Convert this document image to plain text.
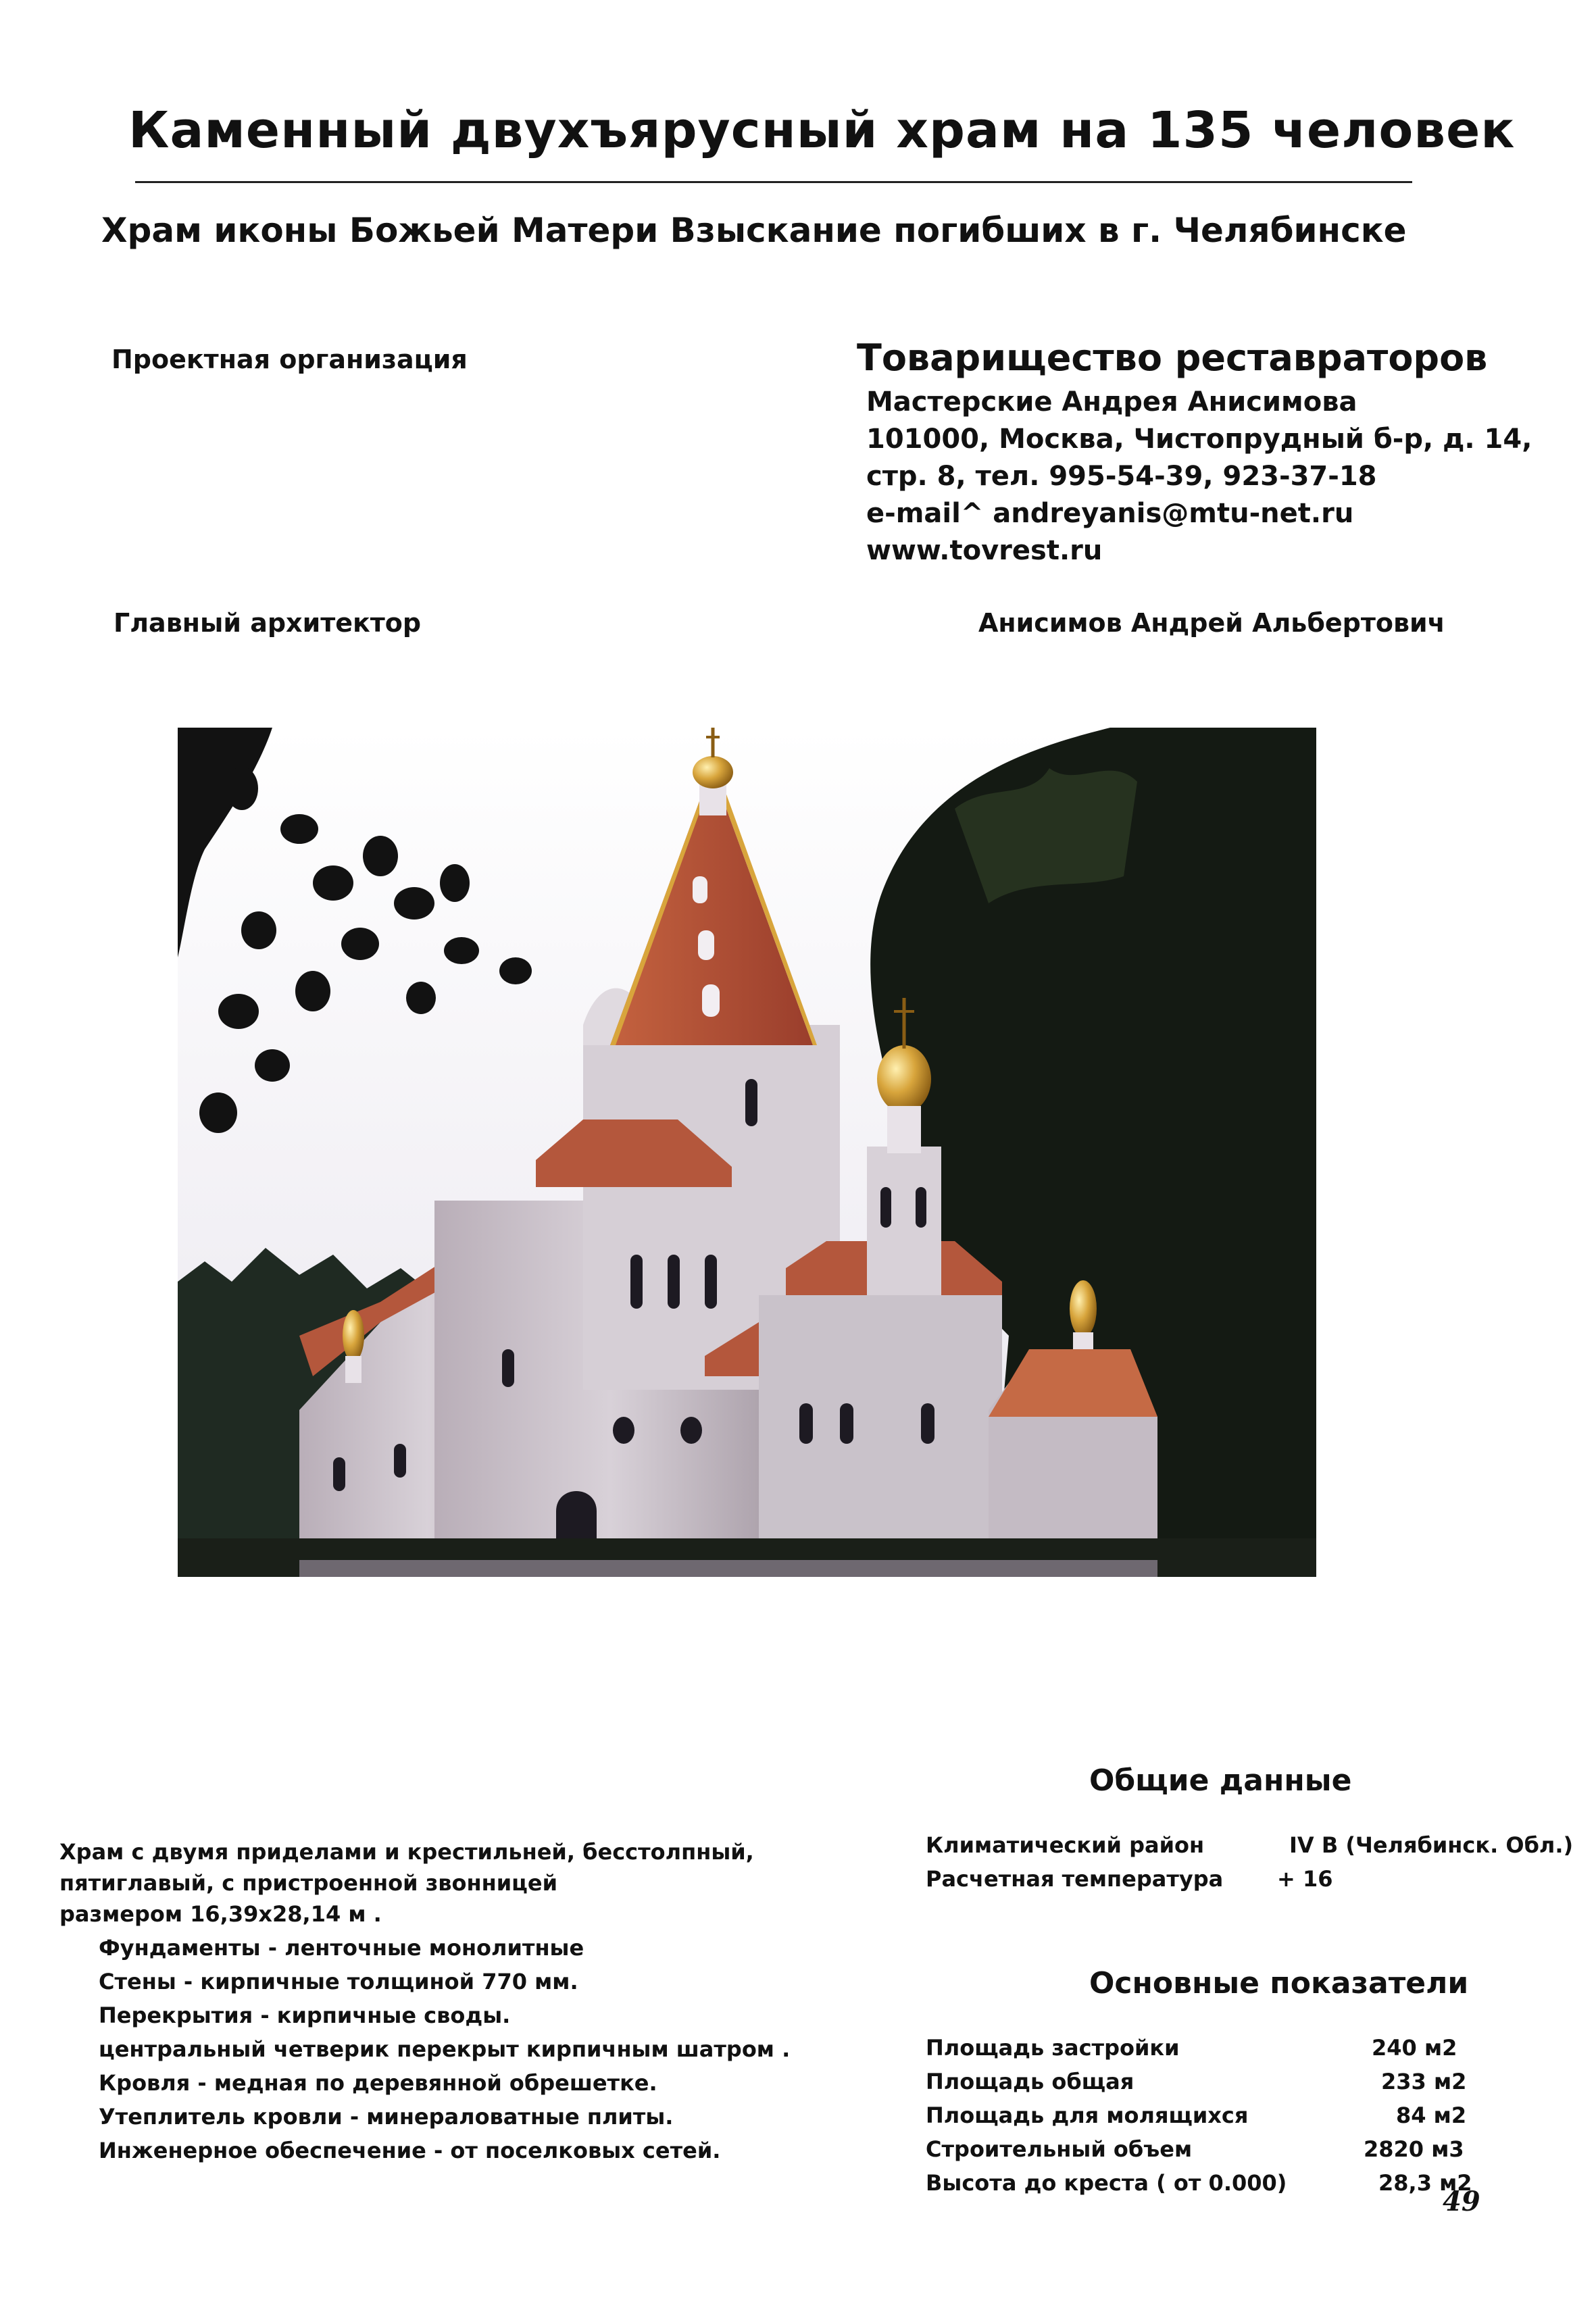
Каменный двухъярусный храм на 135 человек
Храм иконы Божьей Матери Взыскание погибших в г. Челябинске
Проектная организация	Товарищество реставраторов
Мастерские Андрея Анисимова
101000, Москва, Чистопрудный б-р, д. 14,
стр. 8, тел. 995-54-39, 923-37-18
e-mail^ andreyanis@mtu-net.ru
www.tovrest.ru
Главный архитектор	Анисимов Андрей Альбертович
Храм с двумя приделами и крестильней, бесстолпный,
пятиглавый, с пристроенной звонницей
размером 16,39х28,14 м .
Фундаменты - ленточные монолитные
Стены - кирпичные толщиной 770 мм.
Перекрытия - кирпичные своды.
центральный четверик перекрыт кирпичным шатром .
Кровля - медная по деревянной обрешетке.
Утеплитель кровли - минераловатные плиты.
Инженерное обеспечение - от поселковых сетей.
Общие данные
Климатический район	IV В (Челябинск. Обл.)
Расчетная температура + 16
Основные показатели
Площадь застройки	240 м2
Площадь общая	233 м2
Площадь для молящихся	84 м2
Строительный объем	2820 м3
Высота до креста ( от 0.000)	28,3 м2
49
